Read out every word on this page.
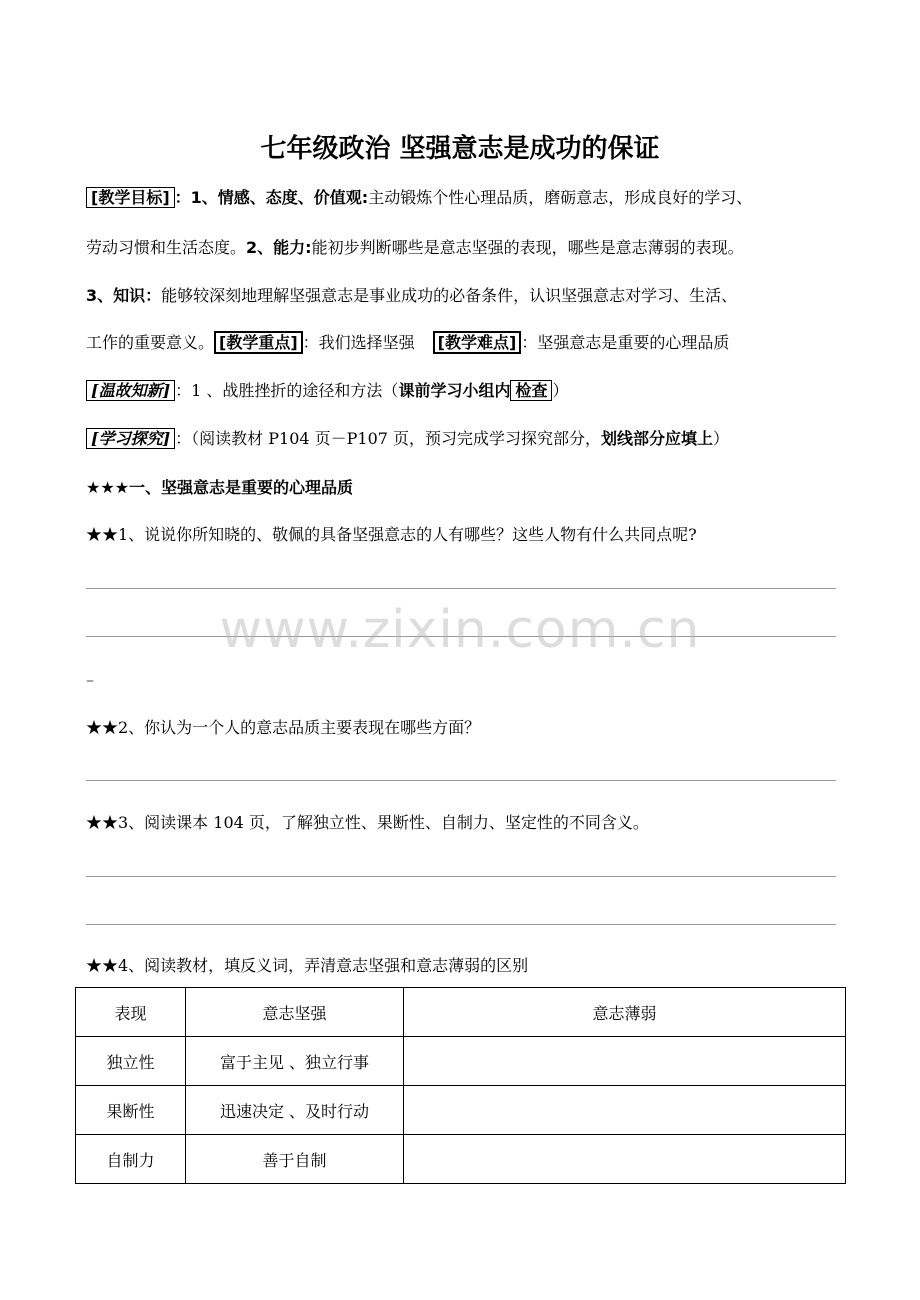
七年级政治 坚强意志是成功的保证
[教学目标] ：1、情感、态度、价值观:主动锻炼个性心理品质，磨砺意志，形成良好的学习、
劳动习惯和生活态度。2、能力:能初步判断哪些是意志坚强的表现，哪些是意志薄弱的表现。
3、知识：能够较深刻地理解坚强意志是事业成功的必备条件，认识坚强意志对学习、生活、
工作的重要意义。 [教学重点] ：我们选择坚强 [教学难点] ：坚强意志是重要的心理品质
[温故知新] ：1 、战胜挫折的途径和方法（课前学习小组内 检查 ）
[学习探究] ：（阅读教材 P104 页－P107 页，预习完成学习探究部分，划线部分应填上）
★★★一、坚强意志是重要的心理品质
★★1、说说你所知晓的、敬佩的具备坚强意志的人有哪些？这些人物有什么共同点呢?
–
★★2、你认为一个人的意志品质主要表现在哪些方面？
★★3、阅读课本 104 页，了解独立性、果断性、自制力、坚定性的不同含义。
★★4、阅读教材，填反义词，弄清意志坚强和意志薄弱的区别
www.zixin.com.cn
表现	意志坚强	意志薄弱
独立性	富于主见 、独立行事	
果断性	迅速决定 、及时行动	
自制力	善于自制	
